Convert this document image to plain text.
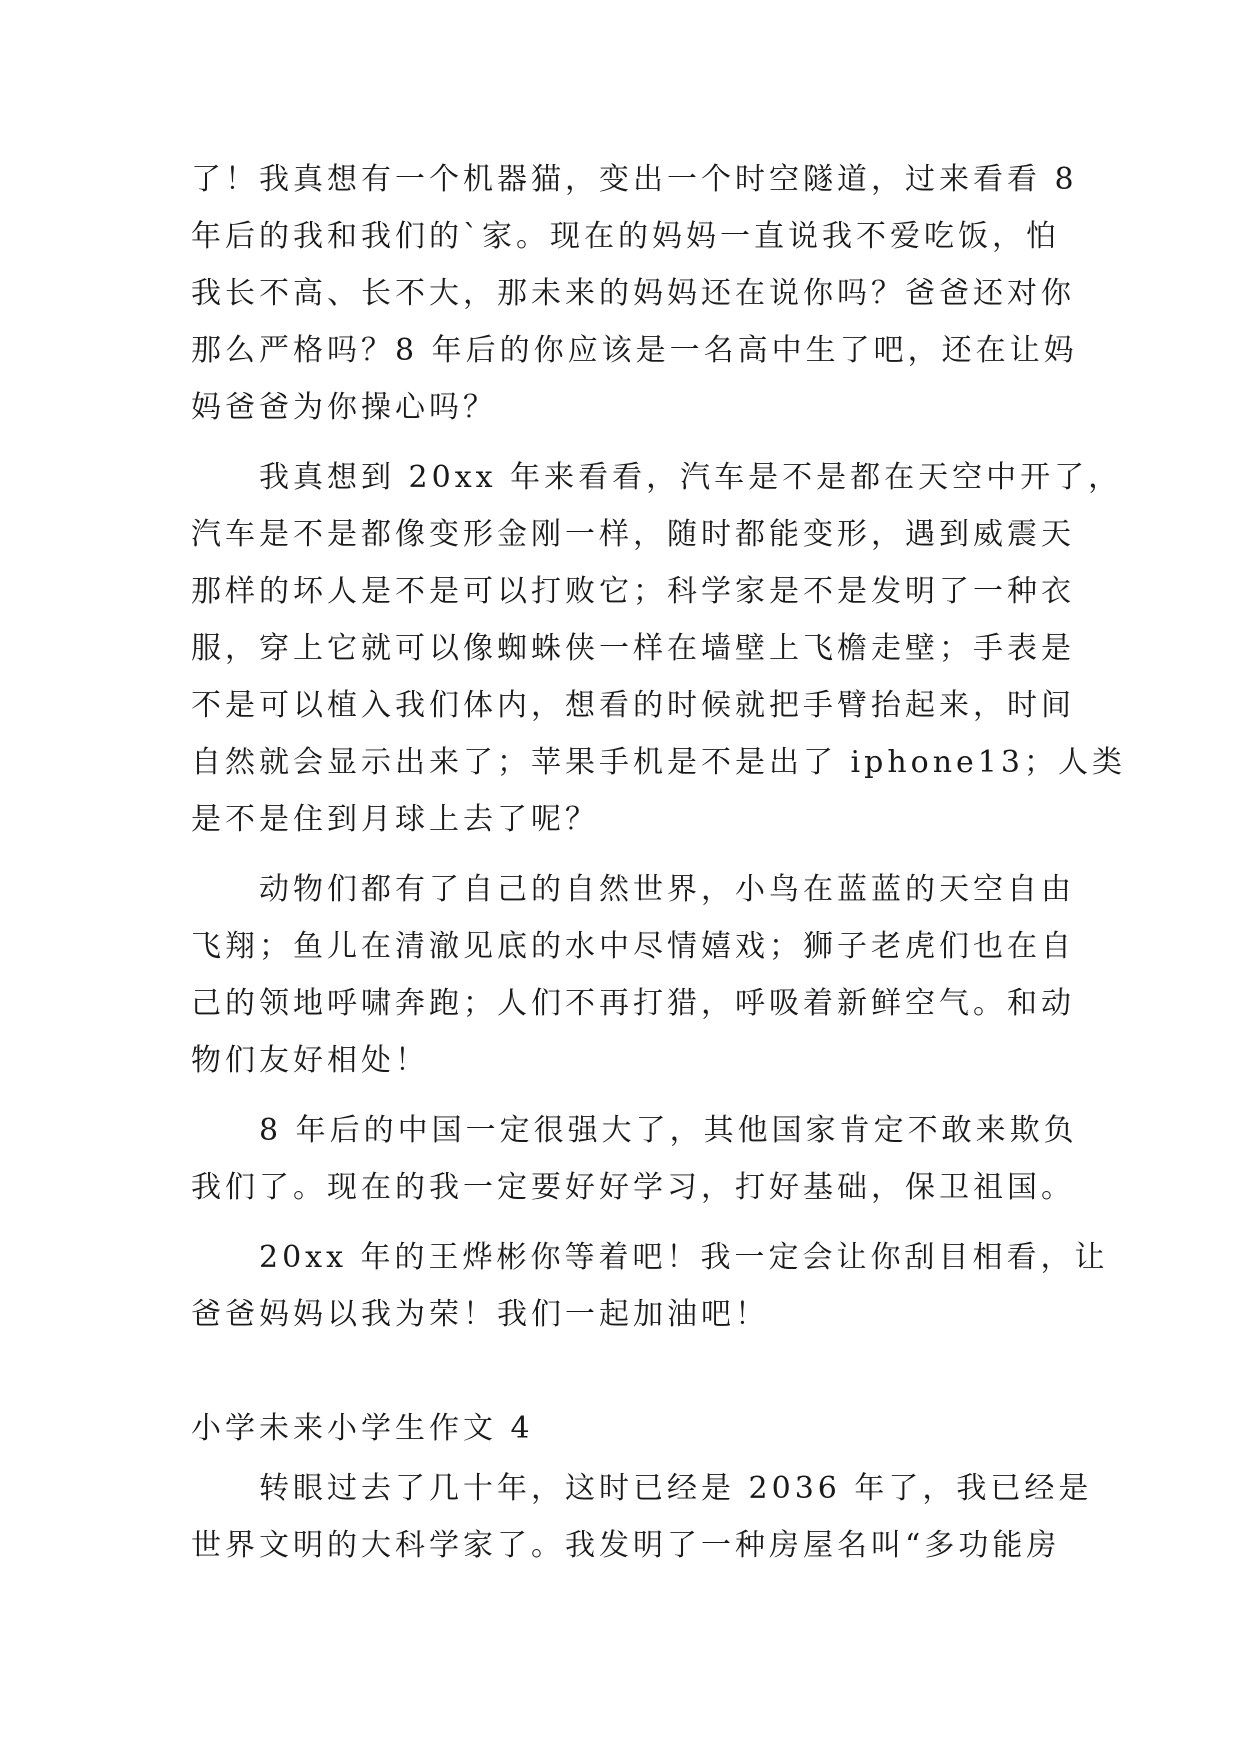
了！我真想有一个机器猫，变出一个时空隧道，过来看看 8
年后的我和我们的`家。现在的妈妈一直说我不爱吃饭，怕
我长不高、长不大，那未来的妈妈还在说你吗？爸爸还对你
那么严格吗？8 年后的你应该是一名高中生了吧，还在让妈
妈爸爸为你操心吗？
　　我真想到 20xx 年来看看，汽车是不是都在天空中开了，
汽车是不是都像变形金刚一样，随时都能变形，遇到威震天
那样的坏人是不是可以打败它；科学家是不是发明了一种衣
服，穿上它就可以像蜘蛛侠一样在墙壁上飞檐走壁；手表是
不是可以植入我们体内，想看的时候就把手臂抬起来，时间
自然就会显示出来了；苹果手机是不是出了 iphone13；人类
是不是住到月球上去了呢？
　　动物们都有了自己的自然世界，小鸟在蓝蓝的天空自由
飞翔；鱼儿在清澈见底的水中尽情嬉戏；狮子老虎们也在自
己的领地呼啸奔跑；人们不再打猎，呼吸着新鲜空气。和动
物们友好相处！
　　8 年后的中国一定很强大了，其他国家肯定不敢来欺负
我们了。现在的我一定要好好学习，打好基础，保卫祖国。
　　20xx 年的王烨彬你等着吧！我一定会让你刮目相看，让
爸爸妈妈以我为荣！我们一起加油吧！
小学未来小学生作文 4
　　转眼过去了几十年，这时已经是 2036 年了，我已经是
世界文明的大科学家了。我发明了一种房屋名叫“多功能房
